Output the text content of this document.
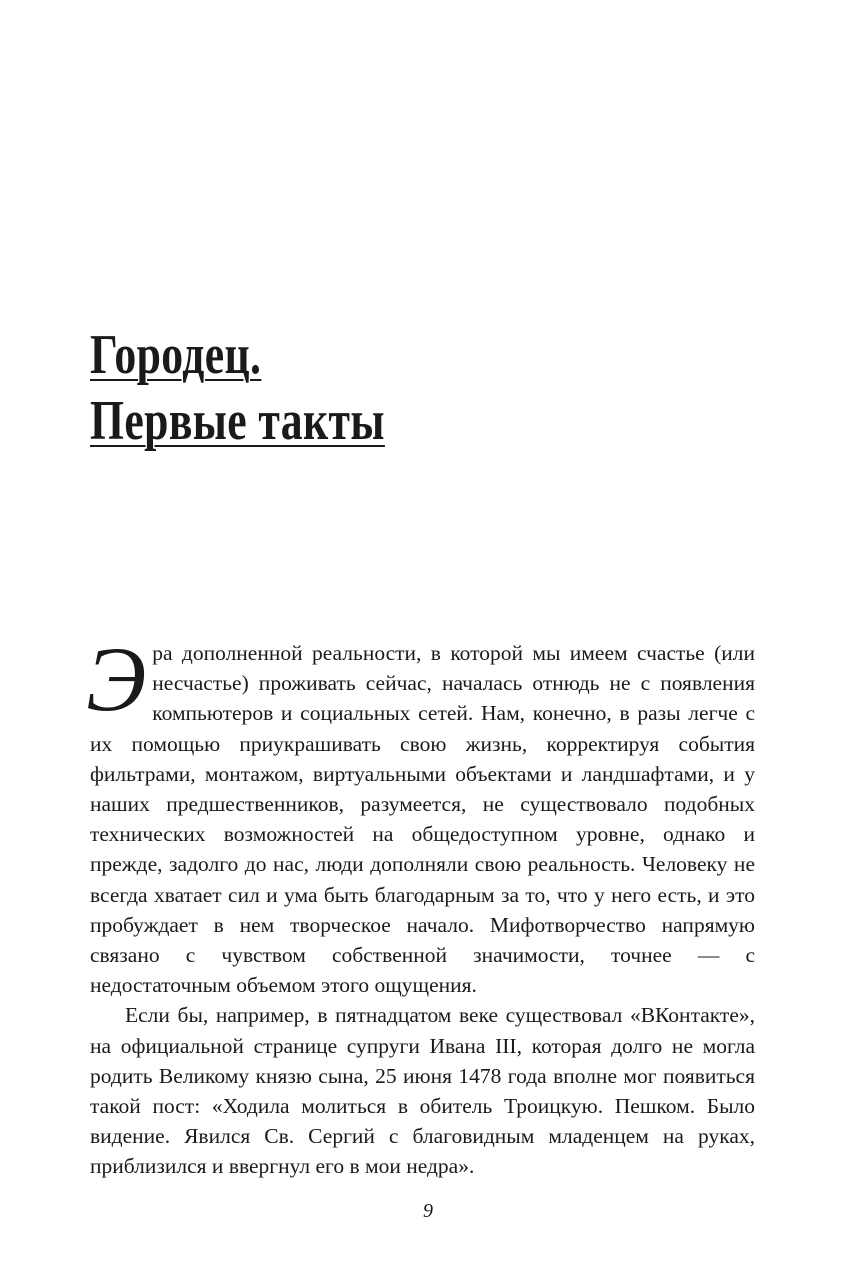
Городец.
Первые такты

Эра дополненной реальности, в которой мы имеем счастье (или несчастье) проживать сейчас, началась отнюдь не с появления компьютеров и социальных сетей. Нам, конечно, в разы легче с их помощью приукрашивать свою жизнь, корректируя события фильтрами, монтажом, виртуальными объектами и ландшафтами, и у наших предшественников, разумеется, не существовало подобных технических возможностей на общедоступном уровне, однако и прежде, задолго до нас, люди дополняли свою реальность. Человеку не всегда хватает сил и ума быть благодарным за то, что у него есть, и это пробуждает в нем творческое начало. Мифотворчество напрямую связано с чувством собственной значимости, точнее — с недостаточным объемом этого ощущения.

Если бы, например, в пятнадцатом веке существовал «ВКонтакте», на официальной странице супруги Ивана III, которая долго не могла родить Великому князю сына, 25 июня 1478 года вполне мог появиться такой пост: «Ходила молиться в обитель Троицкую. Пешком. Было видение. Явился Св. Сергий с благовидным младенцем на руках, приблизился и ввергнул его в мои недра».

9
